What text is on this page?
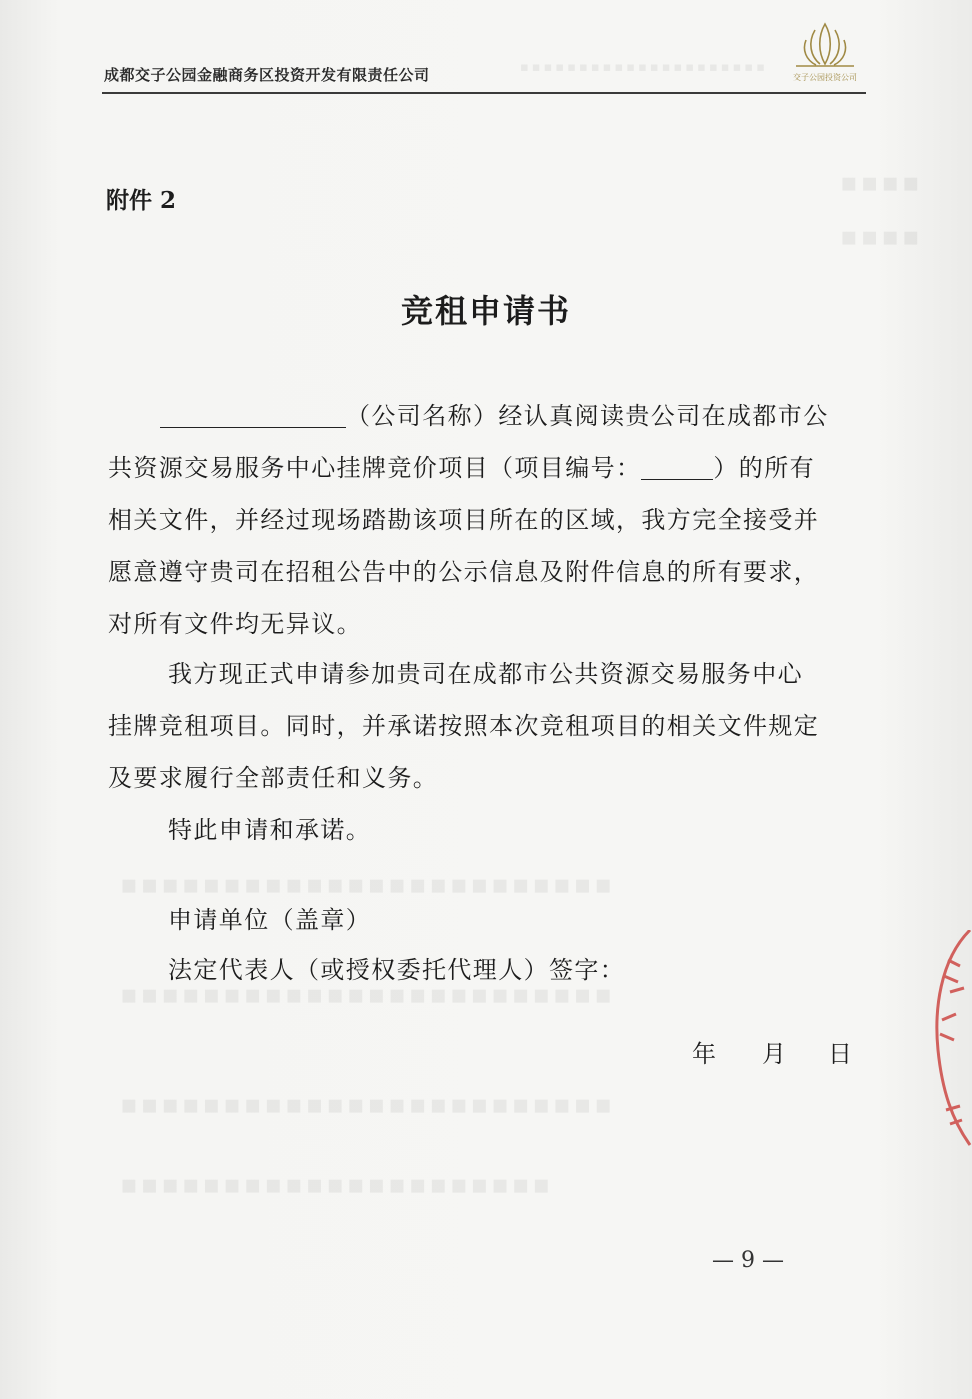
▪▪▪▪▪▪▪▪▪▪▪▪▪▪▪▪▪▪▪▪▪
▪▪▪▪
▪▪▪▪
▪▪▪▪▪▪▪▪▪▪▪▪▪▪▪▪▪▪▪▪▪▪▪▪
▪▪▪▪▪▪▪▪▪▪▪▪▪▪▪▪▪▪▪▪▪▪▪▪
▪▪▪▪▪▪▪▪▪▪▪▪▪▪▪▪▪▪▪▪▪▪▪▪
▪▪▪▪▪▪▪▪▪▪▪▪▪▪▪▪▪▪▪▪▪
成都交子公园金融商务区投资开发有限责任公司	交子公园投资公司
附件 2
竞租申请书
（公司名称）经认真阅读贵公司在成都市公
共资源交易服务中心挂牌竞价项目（项目编号：	）的所有
相关文件，并经过现场踏勘该项目所在的区域，我方完全接受并
愿意遵守贵司在招租公告中的公示信息及附件信息的所有要求，
对所有文件均无异议。
我方现正式申请参加贵司在成都市公共资源交易服务中心
挂牌竞租项目。同时，并承诺按照本次竞租项目的相关文件规定
及要求履行全部责任和义务。
特此申请和承诺。
申请单位（盖章）
法定代表人（或授权委托代理人）签字：
年 月 日
— 9 —
